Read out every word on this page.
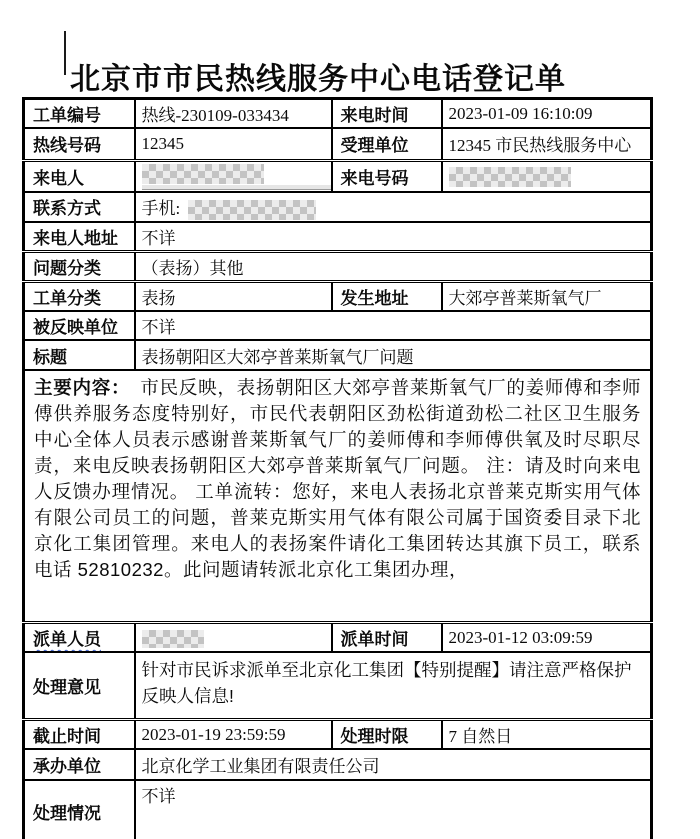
北京市市民热线服务中心电话登记单
工单编号	热线-230109-033434	来电时间	2023-01-09 16:10:09
热线号码	12345	受理单位	12345 市民热线服务中心
来电人		来电号码	
联系方式	手机:		
来电人地址	不详		
问题分类	（表扬）其他		
工单分类	表扬	发生地址	大郊亭普莱斯氧气厂
被反映单位	不详		
标题	表扬朝阳区大郊亭普莱斯氧气厂问题		
主要内容：　市民反映，表扬朝阳区大郊亭普莱斯氧气厂的姜师傅和李师傅供养服务态度特别好，市民代表朝阳区劲松街道劲松二社区卫生服务中心全体人员表示感谢普莱斯氧气厂的姜师傅和李师傅供氧及时尽职尽责，来电反映表扬朝阳区大郊亭普莱斯氧气厂问题。 注：请及时向来电人反馈办理情况。 工单流转：您好，来电人表扬北京普莱克斯实用气体有限公司员工的问题，普莱克斯实用气体有限公司属于国资委目录下北京化工集团管理。来电人的表扬案件请化工集团转达其旗下员工，联系电话 52810232。此问题请转派北京化工集团办理，			
派单人员		派单时间	2023-01-12 03:09:59
处理意见	针对市民诉求派单至北京化工集团【特别提醒】请注意严格保护反映人信息!		
截止时间	2023-01-19 23:59:59	处理时限	7 自然日
承办单位	北京化学工业集团有限责任公司		
处理情况	不详		
